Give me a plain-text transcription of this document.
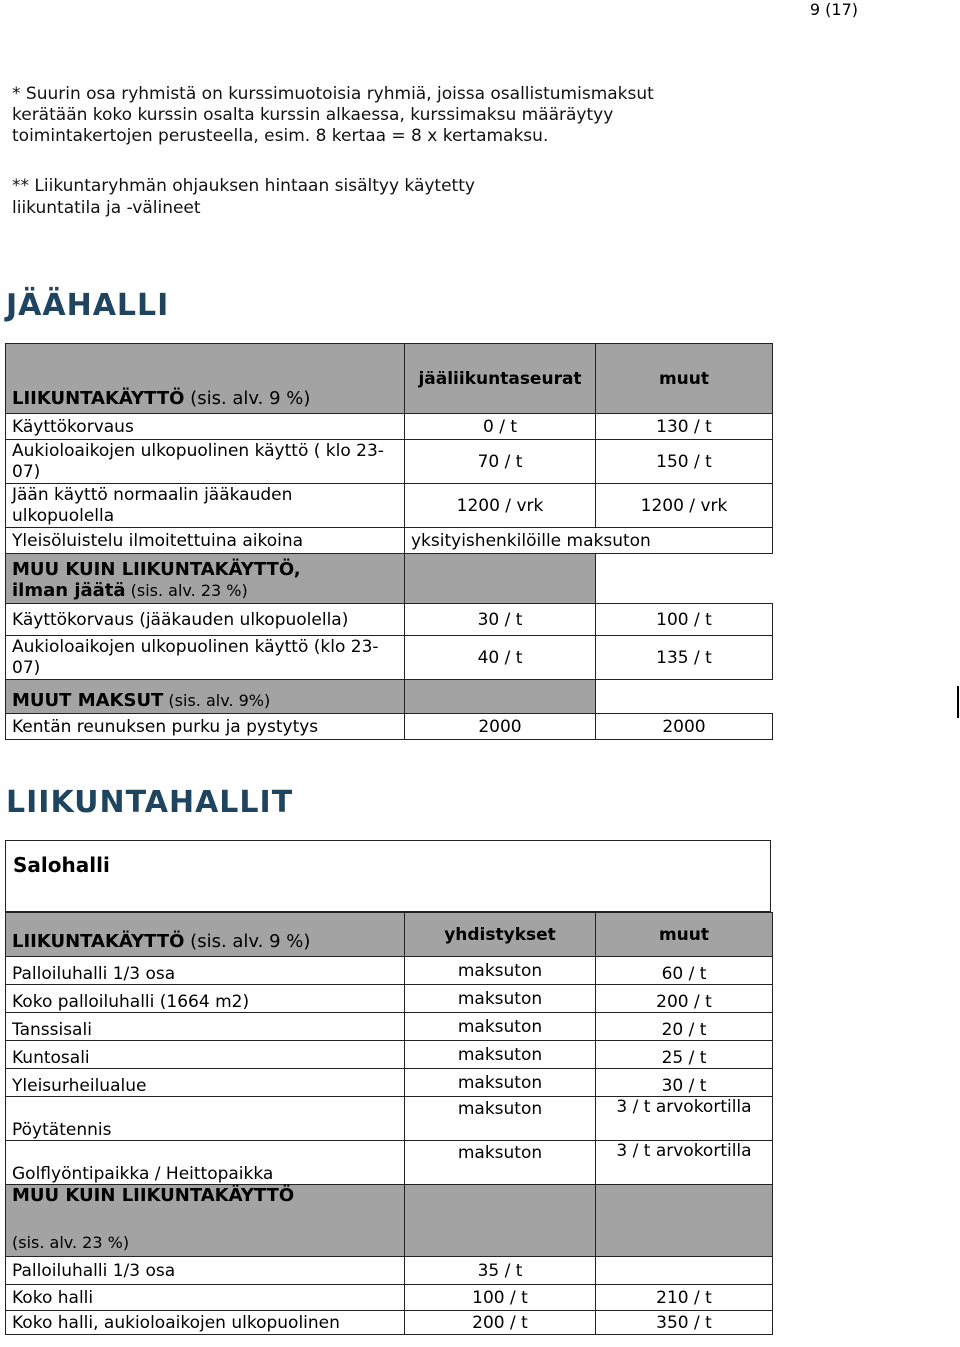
9 (17)
* Suurin osa ryhmistä on kurssimuotoisia ryhmiä, joissa osallistumismaksut
kerätään koko kurssin osalta kurssin alkaessa, kurssimaksu määräytyy
toimintakertojen perusteella, esim. 8 kertaa = 8 x kertamaksu.
** Liikuntaryhmän ohjauksen hintaan sisältyy käytetty
liikuntatila ja -välineet
JÄÄHALLI
LIIKUNTAKÄYTTÖ (sis. alv. 9 %)	jääliikuntaseurat	muut
Käyttökorvaus	0 / t	130 / t
Aukioloaikojen ulkopuolinen käyttö ( klo 23-07)	70 / t	150 / t
Jään käyttö normaalin jääkauden ulkopuolella	1200 / vrk	1200 / vrk
Yleisöluistelu ilmoitettuina aikoina	yksityishenkilöille maksuton	

MUU KUIN LIIKUNTAKÄYTTÖ,
ilman jäätä (sis. alv. 23 %)		

Käyttökorvaus (jääkauden ulkopuolella)	30 / t	100 / t
Aukioloaikojen ulkopuolinen käyttö (klo 23-07)	40 / t	135 / t
MUUT MAKSUT (sis. alv. 9%)		
Kentän reunuksen purku ja pystytys	2000	2000
LIIKUNTAHALLIT
Salohalli
LIIKUNTAKÄYTTÖ (sis. alv. 9 %)	yhdistykset	muut
Palloiluhalli 1/3 osa	maksuton	60 / t
Koko palloiluhalli (1664 m2)	maksuton	200 / t
Tanssisali	maksuton	20 / t
Kuntosali	maksuton	25 / t
Yleisurheilualue	maksuton	30 / t
Pöytätennis	maksuton	3 / t arvokortilla
Golflyöntipaikka / Heittopaikka	maksuton	3 / t arvokortilla

MUU KUIN LIIKUNTAKÄYTTÖ
(sis. alv. 23 %)		

Palloiluhalli 1/3 osa	35 / t	
Koko halli	100 / t	210 / t
Koko halli, aukioloaikojen ulkopuolinen	200 / t	350 / t
